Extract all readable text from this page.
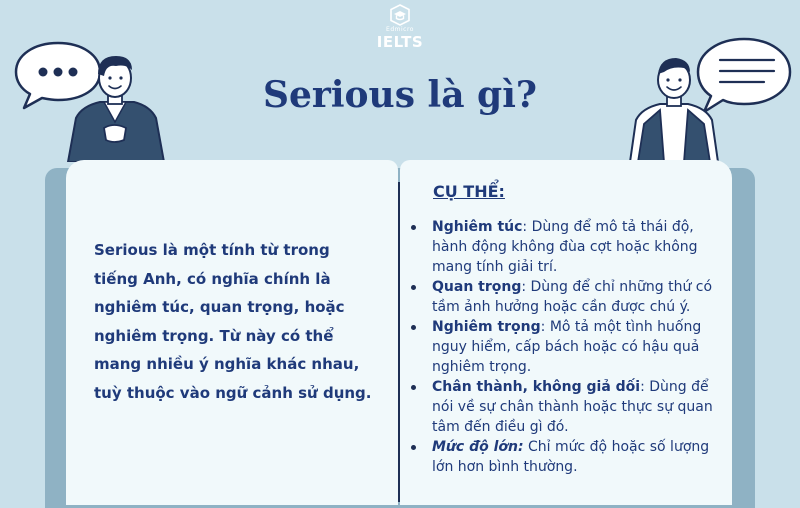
Edmicro
IELTS
Serious là gì?

Serious là một tính từ trong tiếng Anh, có nghĩa chính là nghiêm túc, quan trọng, hoặc nghiêm trọng. Từ này có thể mang nhiều ý nghĩa khác nhau, tuỳ thuộc vào ngữ cảnh sử dụng.

CỤ THỂ:
Nghiêm túc: Dùng để mô tả thái độ, hành động không đùa cợt hoặc không mang tính giải trí.
Quan trọng: Dùng để chỉ những thứ có tầm ảnh hưởng hoặc cần được chú ý.
Nghiêm trọng: Mô tả một tình huống nguy hiểm, cấp bách hoặc có hậu quả nghiêm trọng.
Chân thành, không giả dối: Dùng để nói về sự chân thành hoặc thực sự quan tâm đến điều gì đó.
Mức độ lớn: Chỉ mức độ hoặc số lượng lớn hơn bình thường.
